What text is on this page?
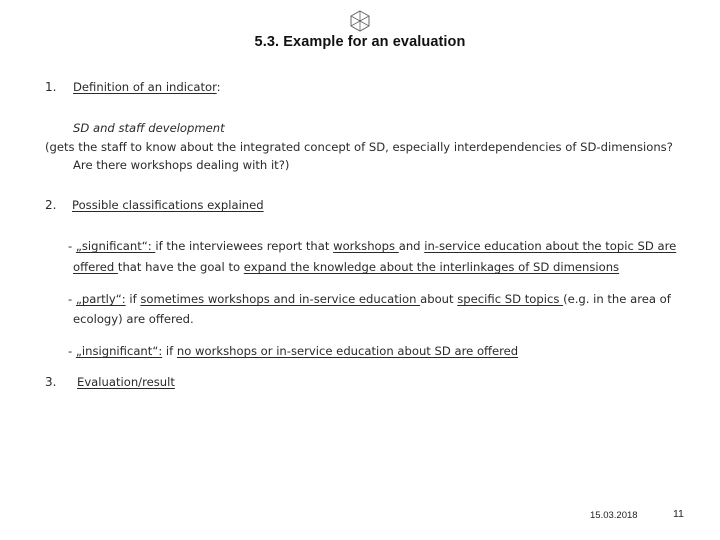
5.3. Example for an evaluation
1. Definition of an indicator:
SD and staff development
(gets the staff to know about the integrated concept of SD, especially interdependencies of SD-dimensions?
Are there workshops dealing with it?)
2. Possible classifications explained
- „significant“: if the interviewees report that workshops and in-service education about the topic SD are
offered that have the goal to expand the knowledge about the interlinkages of SD dimensions
- „partly“: if sometimes workshops and in-service education about specific SD topics (e.g. in the area of
ecology) are offered.
- „insignificant“: if no workshops or in-service education about SD are offered
3. Evaluation/result
15.03.2018	11
